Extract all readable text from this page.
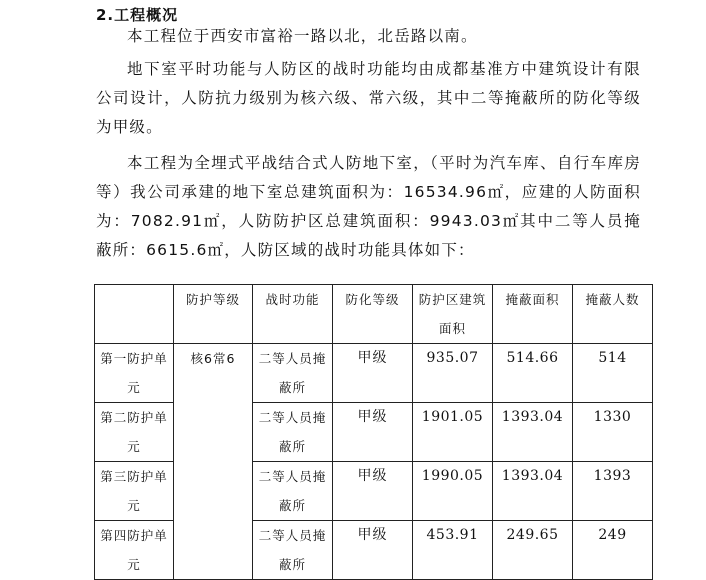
2.工程概况

本工程位于西安市富裕一路以北，北岳路以南。

地下室平时功能与人防区的战时功能均由成都基准方中建筑设计有限公司设计，人防抗力级别为核六级、常六级，其中二等掩蔽所的防化等级为甲级。

本工程为全埋式平战结合式人防地下室，（平时为汽车库、自行车库房等）我公司承建的地下室总建筑面积为：16534.96㎡，应建的人防面积为：7082.91㎡，人防防护区总建筑面积：9943.03㎡其中二等人员掩蔽所：6615.6㎡，人防区域的战时功能具体如下：

	防护等级	战时功能	防化等级	防护区建筑面积	掩蔽面积	掩蔽人数
第一防护单元	核6常6	二等人员掩蔽所	甲级	935.07	514.66	514
第二防护单元		二等人员掩蔽所	甲级	1901.05	1393.04	1330
第三防护单元		二等人员掩蔽所	甲级	1990.05	1393.04	1393
第四防护单元		二等人员掩蔽所	甲级	453.91	249.65	249
